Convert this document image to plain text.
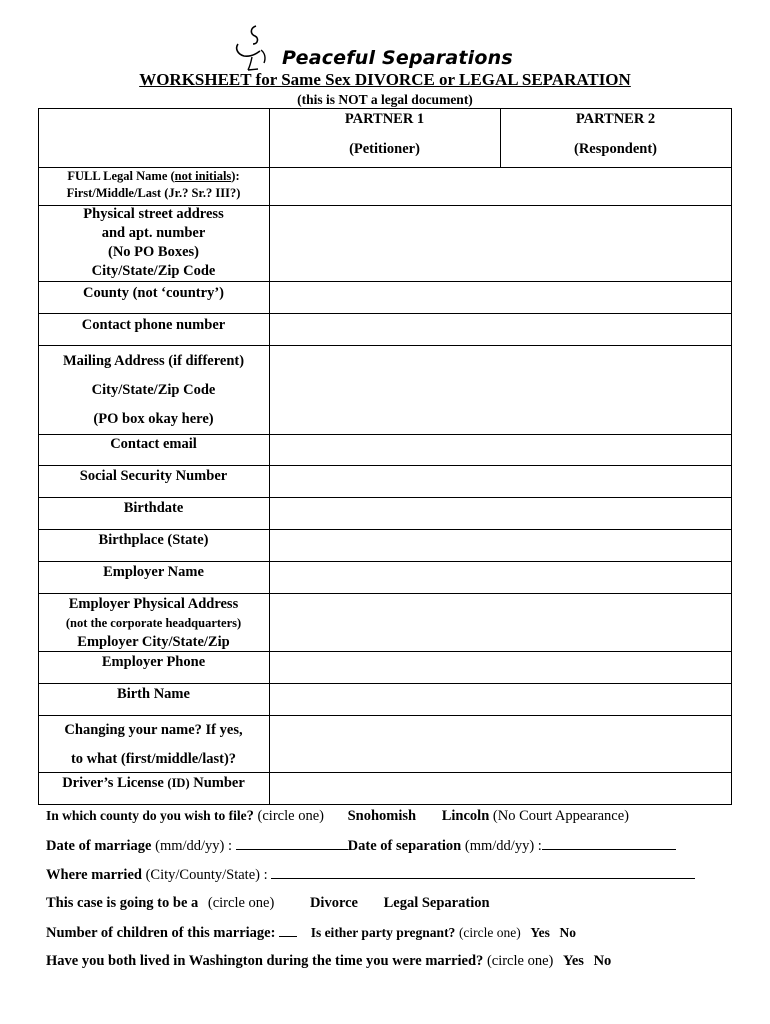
Peaceful Separations
WORKSHEET for Same Sex DIVORCE or LEGAL SEPARATION
(this is NOT a legal document)
PARTNER 1
(Petitioner)
PARTNER 2
(Respondent)
FULL Legal Name (not initials):
First/Middle/Last (Jr.? Sr.? III?)
Physical street address
and apt. number
(No PO Boxes)
City/State/Zip Code
County (not ‘country’)
Contact phone number
Mailing Address (if different)
City/State/Zip Code
(PO box okay here)
Contact email
Social Security Number
Birthdate
Birthplace (State)
Employer Name
Employer Physical Address
(not the corporate headquarters)
Employer City/State/Zip
Employer Phone
Birth Name
Changing your name? If yes,
to what (first/middle/last)?
Driver’s License (ID) Number
In which county do you wish to file? (circle one) Snohomish Lincoln (No Court Appearance)
Date of marriage (mm/dd/yy) :	Date of separation (mm/dd/yy) :
Where married (City/County/State) :
This case is going to be a (circle one) Divorce Legal Separation
Number of children of this marriage:	Is either party pregnant? (circle one) Yes No
Have you both lived in Washington during the time you were married? (circle one) Yes No
